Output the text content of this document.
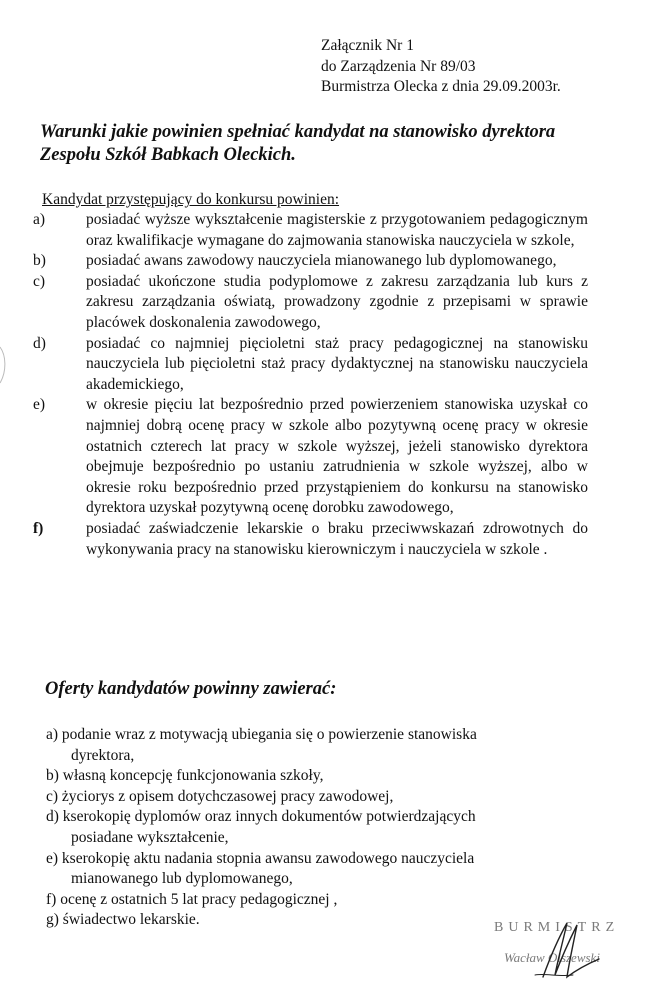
Załącznik Nr 1
do Zarządzenia Nr 89/03
Burmistrza Olecka z dnia 29.09.2003r.
Warunki jakie powinien spełniać kandydat na stanowisko dyrektora Zespołu Szkół Babkach Oleckich.
Kandydat przystępujący do konkursu powinien:
a)	posiadać wyższe wykształcenie magisterskie z przygotowaniem pedagogicznym oraz kwalifikacje wymagane do zajmowania stanowiska nauczyciela w szkole,
b)	posiadać awans zawodowy nauczyciela mianowanego lub dyplomowanego,
c)	posiadać ukończone studia podyplomowe z zakresu zarządzania lub kurs z zakresu zarządzania oświatą, prowadzony zgodnie z przepisami w sprawie placówek doskonalenia zawodowego,
d)	posiadać co najmniej pięcioletni staż pracy pedagogicznej na stanowisku nauczyciela lub pięcioletni staż pracy dydaktycznej na stanowisku nauczyciela akademickiego,
e)	w okresie pięciu lat bezpośrednio przed powierzeniem stanowiska uzyskał co najmniej dobrą ocenę pracy w szkole albo pozytywną ocenę pracy w okresie ostatnich czterech lat pracy w szkole wyższej, jeżeli stanowisko dyrektora obejmuje bezpośrednio po ustaniu zatrudnienia w szkole wyższej, albo w okresie roku bezpośrednio przed przystąpieniem do konkursu na stanowisko dyrektora uzyskał pozytywną ocenę dorobku zawodowego,
f)	posiadać zaświadczenie lekarskie o braku przeciwwskazań zdrowotnych do wykonywania pracy na stanowisku kierowniczym i nauczyciela w szkole .
Oferty kandydatów powinny zawierać:
a) podanie wraz z motywacją ubiegania się o powierzenie stanowiska
dyrektora,
b) własną koncepcję funkcjonowania szkoły,
c) życiorys z opisem dotychczasowej pracy zawodowej,
d) kserokopię dyplomów oraz innych dokumentów potwierdzających
posiadane wykształcenie,
e) kserokopię aktu nadania stopnia awansu zawodowego nauczyciela
mianowanego lub dyplomowanego,
f) ocenę z ostatnich 5 lat pracy pedagogicznej ,
g) świadectwo lekarskie.	BURMISTRZ
Wacław Olszewski
